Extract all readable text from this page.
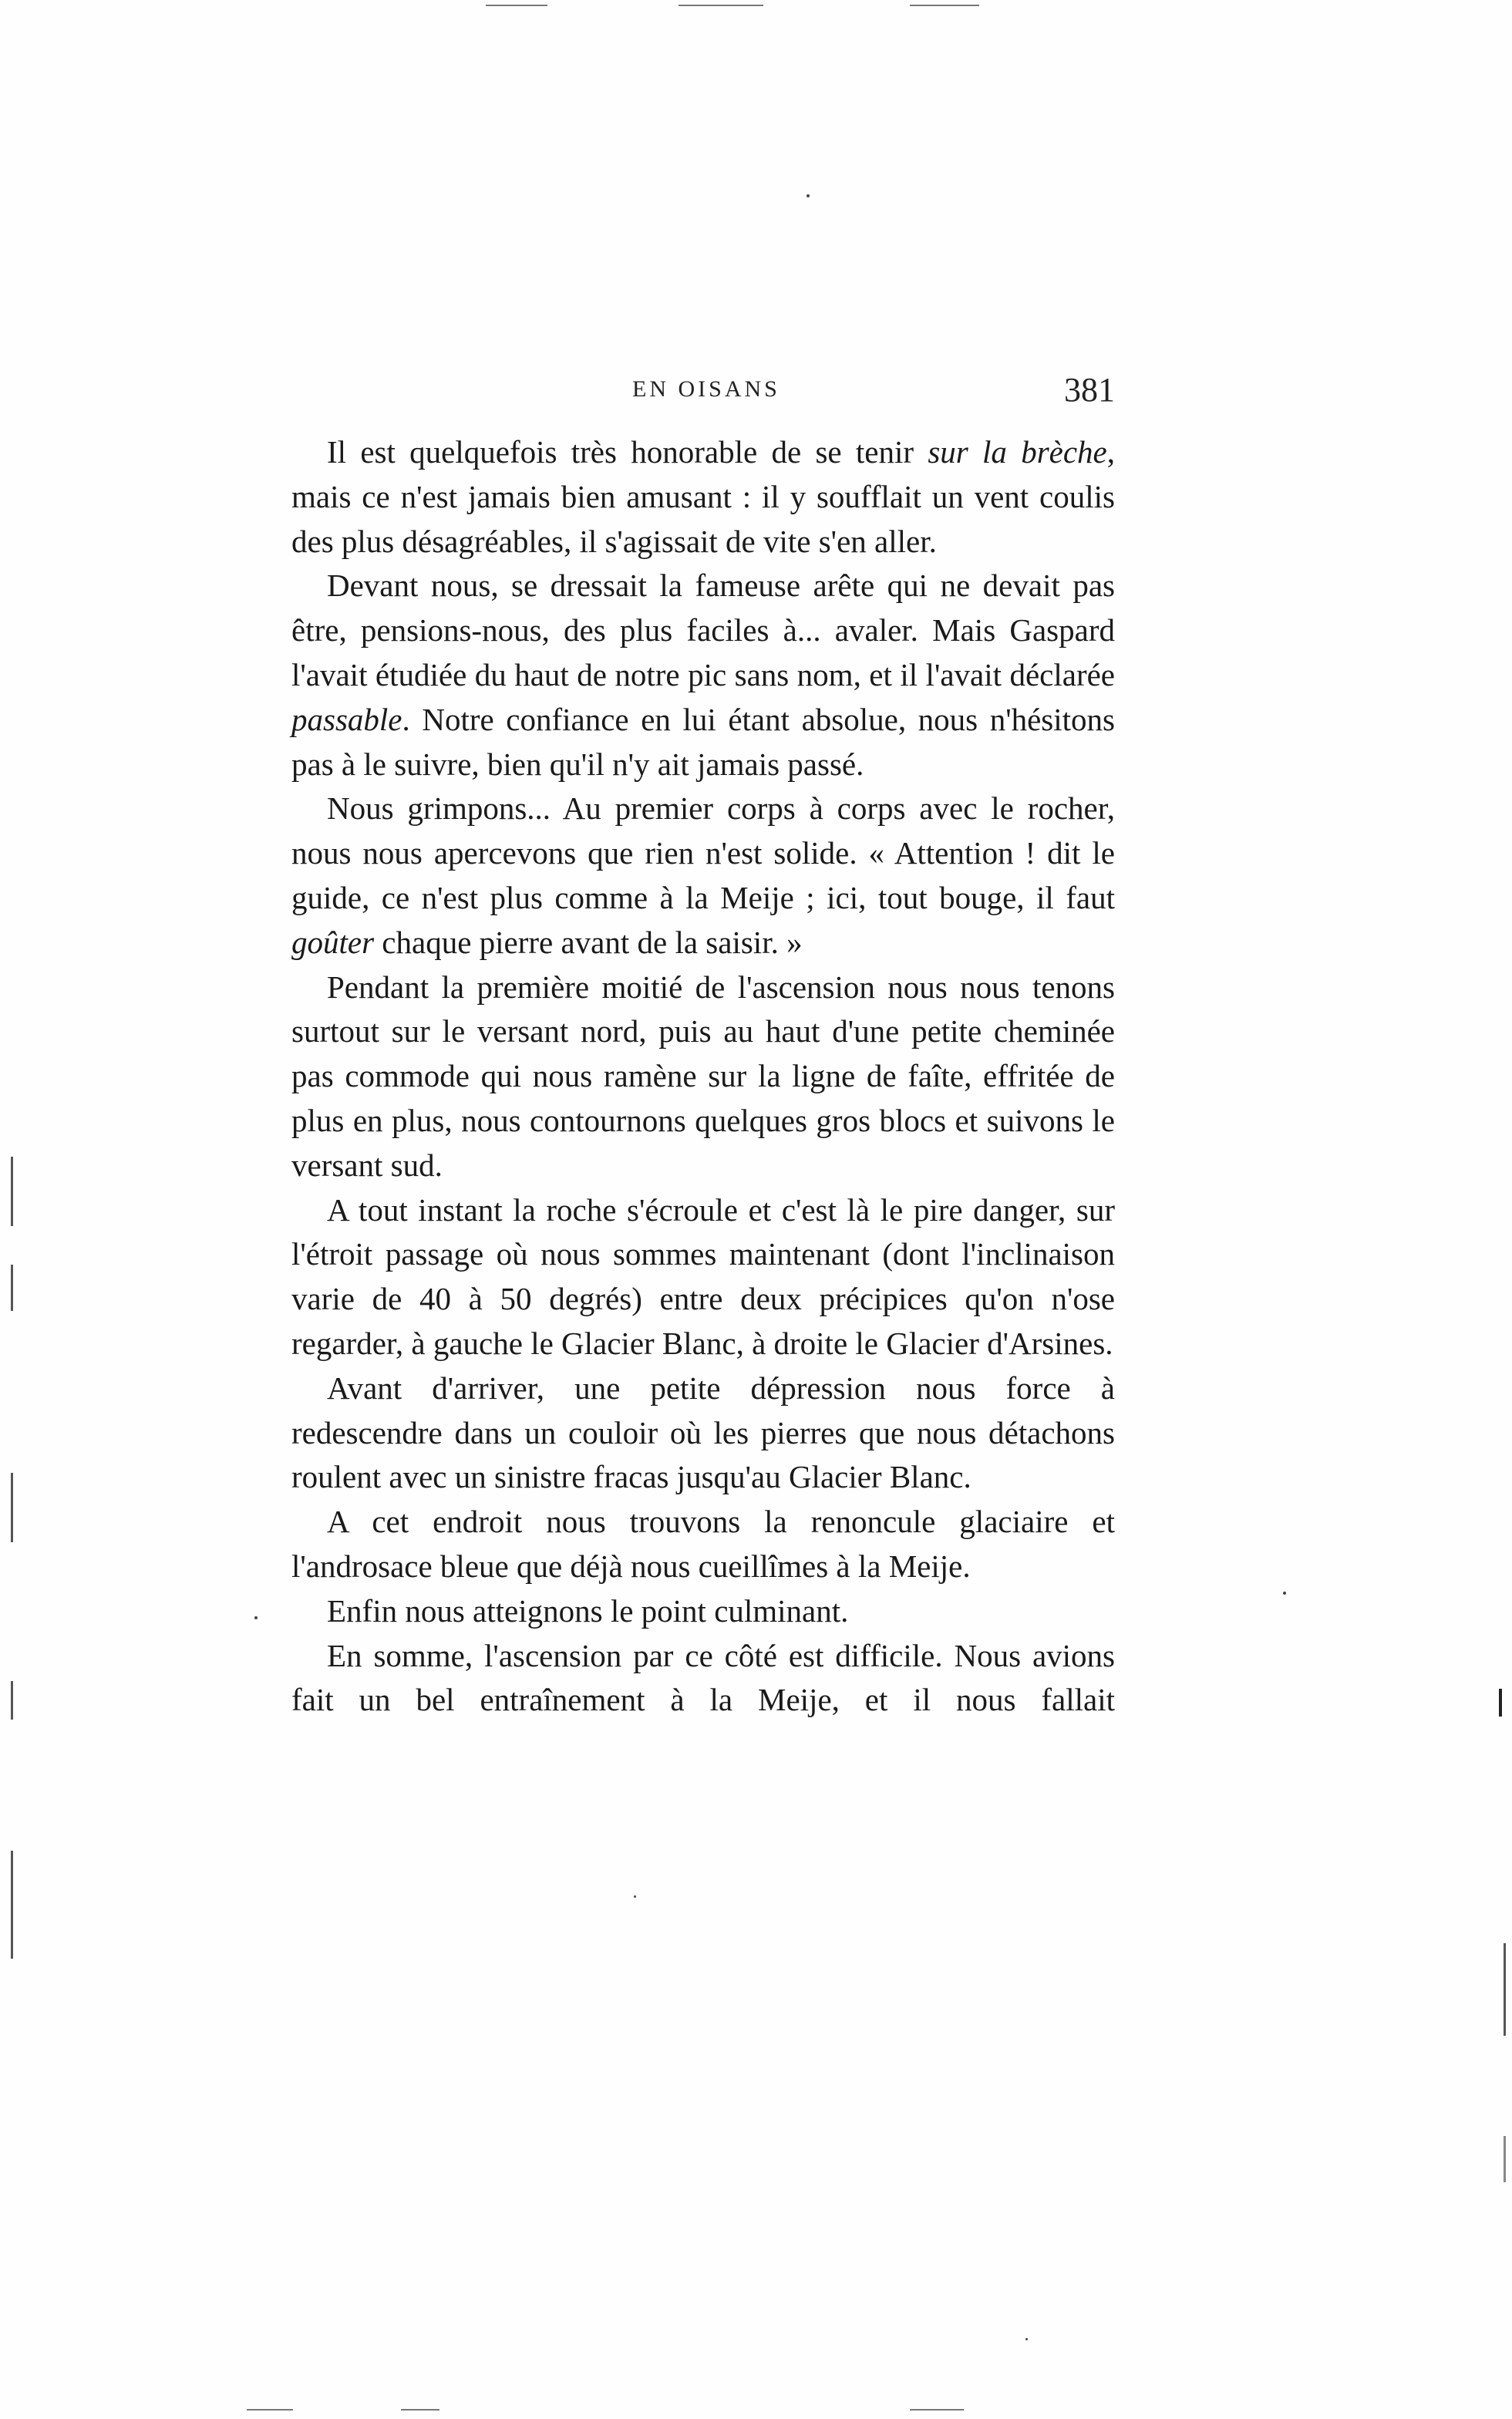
EN OISANS	381

Il est quelquefois très honorable de se tenir sur la brèche, mais ce n'est jamais bien amusant : il y soufflait un vent coulis des plus désagréables, il s'agissait de vite s'en aller.

Devant nous, se dressait la fameuse arête qui ne devait pas être, pensions-nous, des plus faciles à... avaler. Mais Gaspard l'avait étudiée du haut de notre pic sans nom, et il l'avait déclarée passable. Notre confiance en lui étant absolue, nous n'hésitons pas à le suivre, bien qu'il n'y ait jamais passé.

Nous grimpons... Au premier corps à corps avec le rocher, nous nous apercevons que rien n'est solide. « Attention ! dit le guide, ce n'est plus comme à la Meije ; ici, tout bouge, il faut goûter chaque pierre avant de la saisir. »

Pendant la première moitié de l'ascension nous nous tenons surtout sur le versant nord, puis au haut d'une petite cheminée pas commode qui nous ramène sur la ligne de faîte, effritée de plus en plus, nous contournons quelques gros blocs et suivons le versant sud.

A tout instant la roche s'écroule et c'est là le pire danger, sur l'étroit passage où nous sommes maintenant (dont l'inclinaison varie de 40 à 50 degrés) entre deux précipices qu'on n'ose regarder, à gauche le Glacier Blanc, à droite le Glacier d'Arsines.

Avant d'arriver, une petite dépression nous force à redescendre dans un couloir où les pierres que nous détachons roulent avec un sinistre fracas jusqu'au Glacier Blanc.

A cet endroit nous trouvons la renoncule glaciaire et l'androsace bleue que déjà nous cueillîmes à la Meije.

Enfin nous atteignons le point culminant.

En somme, l'ascension par ce côté est difficile. Nous avions fait un bel entraînement à la Meije, et il nous fallait
